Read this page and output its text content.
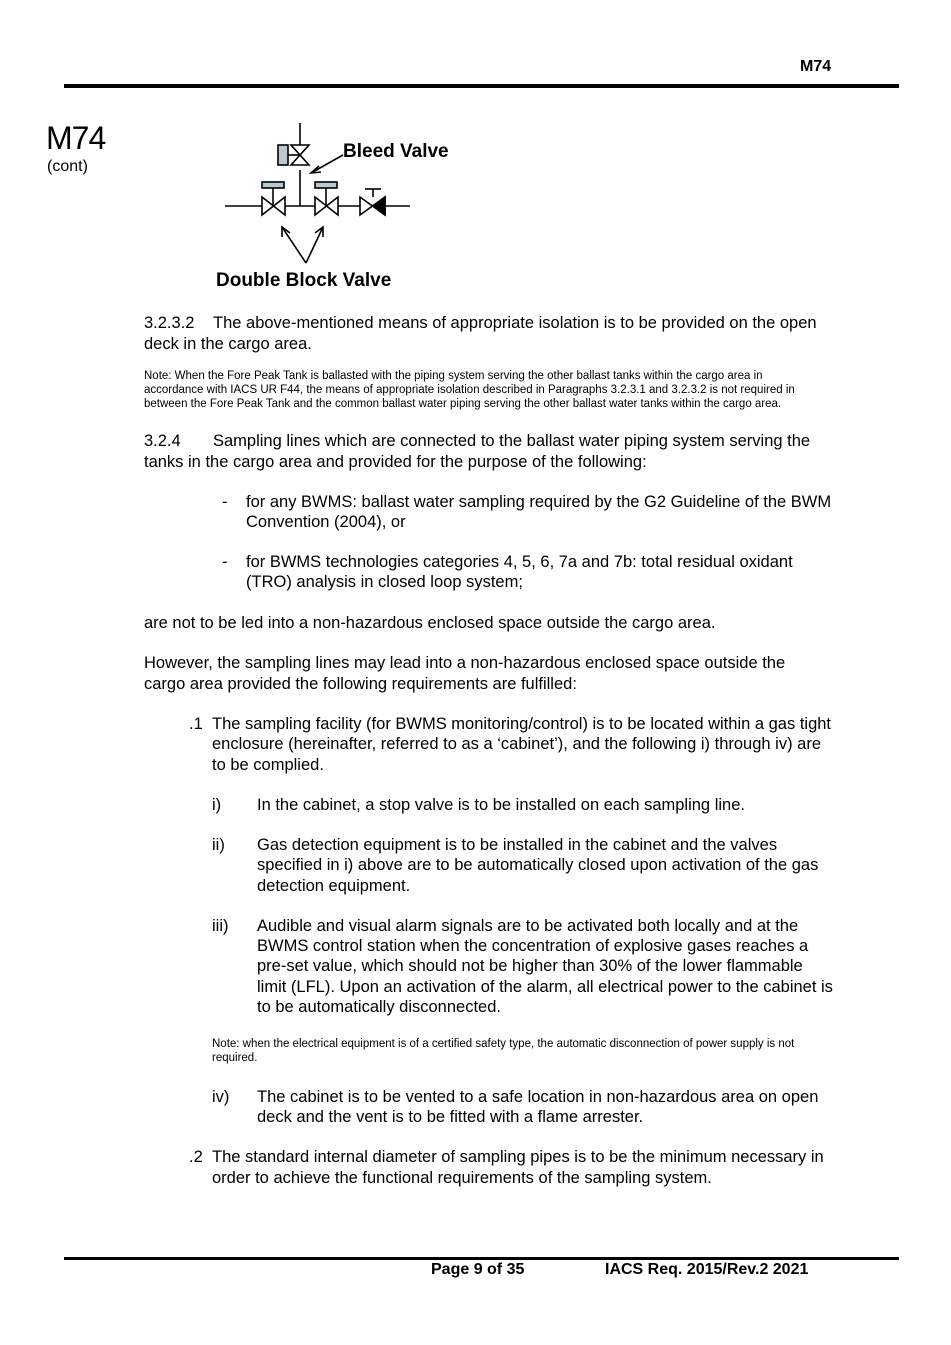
M74
M74
(cont)
Bleed Valve
Double Block Valve
3.2.3.2 The above-mentioned means of appropriate isolation is to be provided on the open
deck in the cargo area.
Note: When the Fore Peak Tank is ballasted with the piping system serving the other ballast tanks within the cargo area in
accordance with IACS UR F44, the means of appropriate isolation described in Paragraphs 3.2.3.1 and 3.2.3.2 is not required in
between the Fore Peak Tank and the common ballast water piping serving the other ballast water tanks within the cargo area.
3.2.4 Sampling lines which are connected to the ballast water piping system serving the
tanks in the cargo area and provided for the purpose of the following:
- for any BWMS: ballast water sampling required by the G2 Guideline of the BWM
Convention (2004), or
- for BWMS technologies categories 4, 5, 6, 7a and 7b: total residual oxidant
(TRO) analysis in closed loop system;
are not to be led into a non-hazardous enclosed space outside the cargo area.
However, the sampling lines may lead into a non-hazardous enclosed space outside the
cargo area provided the following requirements are fulfilled:
.1 The sampling facility (for BWMS monitoring/control) is to be located within a gas tight
enclosure (hereinafter, referred to as a ‘cabinet’), and the following i) through iv) are
to be complied.
i) In the cabinet, a stop valve is to be installed on each sampling line.
ii) Gas detection equipment is to be installed in the cabinet and the valves
specified in i) above are to be automatically closed upon activation of the gas
detection equipment.
iii) Audible and visual alarm signals are to be activated both locally and at the
BWMS control station when the concentration of explosive gases reaches a
pre-set value, which should not be higher than 30% of the lower flammable
limit (LFL). Upon an activation of the alarm, all electrical power to the cabinet is
to be automatically disconnected.
Note: when the electrical equipment is of a certified safety type, the automatic disconnection of power supply is not
required.
iv) The cabinet is to be vented to a safe location in non-hazardous area on open
deck and the vent is to be fitted with a flame arrester.
.2 The standard internal diameter of sampling pipes is to be the minimum necessary in
order to achieve the functional requirements of the sampling system.
Page 9 of 35	IACS Req. 2015/Rev.2 2021
